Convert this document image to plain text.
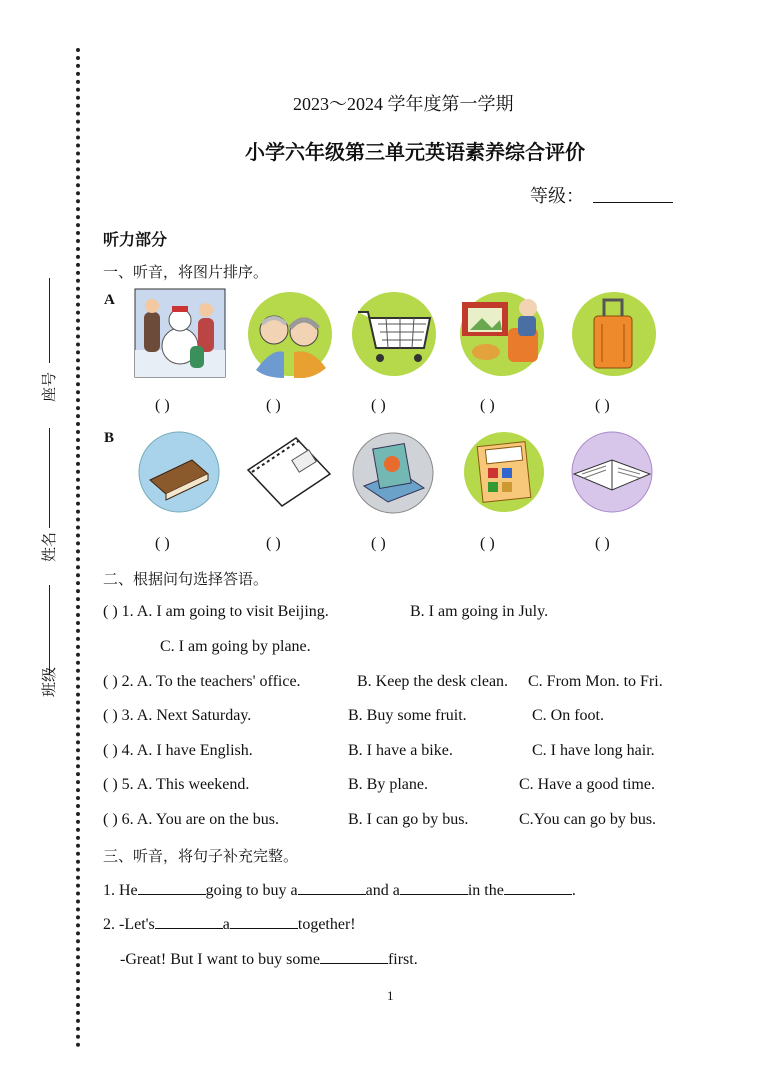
座号
姓名
班级
2023～2024 学年度第一学期
小学六年级第三单元英语素养综合评价
等级：
听力部分
一、听音，将图片排序。
A
B
( )	( )	( )	( )	( )
( )	( )	( )	( )	( )
二、根据问句选择答语。
( ) 1. A. I am going to visit Beijing.	B. I am going in July.
C. I am going by plane.
( ) 2. A. To the teachers' office.	B. Keep the desk clean. C. From Mon. to Fri.
( ) 3. A. Next Saturday.	B. Buy some fruit.	C. On foot.
( ) 4. A. I have English.	B. I have a bike.	C. I have long hair.
( ) 5. A. This weekend.	B. By plane.	C. Have a good time.
( ) 6. A. You are on the bus.	B. I can go by bus.	C.You can go by bus.
三、听音，将句子补充完整。
1. He	going to buy a	and a	in the	.
2. -Let's	a	together!
-Great! But I want to buy some	first.
1
